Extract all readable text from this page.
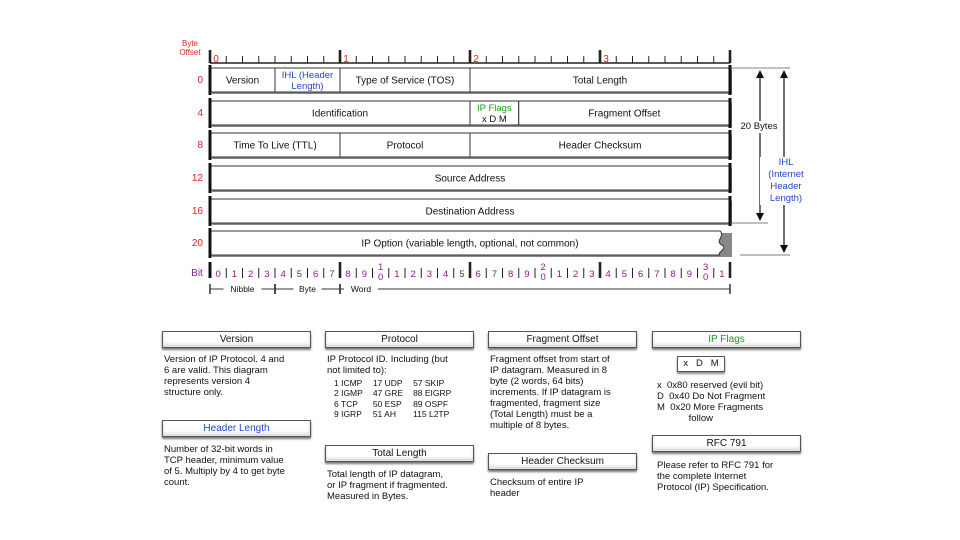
Byte Offset
0	1	2	3
0 Version IHL (Header Length)	Type of Service (TOS)	Total Length
4	Identification	IP Flags x D M	Fragment Offset
8	Time To Live (TTL)	Protocol	Header Checksum
12	Source Address
16	Destination Address
20	IP Option (variable length, optional, not common)
Bit 0 1 2 3 4 5 6 7 8 9
1 0 1 2 3 4 5 6 7 8 9
2 0 1 2 3 4 5 6 7 8 9
3 0 1
Nibble	Byte	Word
20 Bytes
IHL
(Internet
Header
Length)
Version
Version of IP Protocol. 4 and
6 are valid. This diagram
represents version 4
structure only.
Header Length
Number of 32-bit words in
TCP header, minimum value
of 5. Multiply by 4 to get byte
count.
Protocol
IP Protocol ID. Including (but
not limited to):
1 ICMP	17 UDP	57 SKIP
2 IGMP	47 GRE	88 EIGRP
6 TCP	50 ESP	89 OSPF
9 IGRP	51 AH	115 L2TP
Total Length
Total length of IP datagram,
or IP fragment if fragmented.
Measured in Bytes.
Fragment Offset
Fragment offset from start of
IP datagram. Measured in 8
byte (2 words, 64 bits)
increments. If IP datagram is
fragmented, fragment size
(Total Length) must be a
multiple of 8 bytes.
Header Checksum
Checksum of entire IP
header
IP Flags
x   D   M
x  0x80 reserved (evil bit)
D  0x40 Do Not Fragment
M  0x20 More Fragments
follow
RFC 791
Please refer to RFC 791 for
the complete Internet
Protocol (IP) Specification.
